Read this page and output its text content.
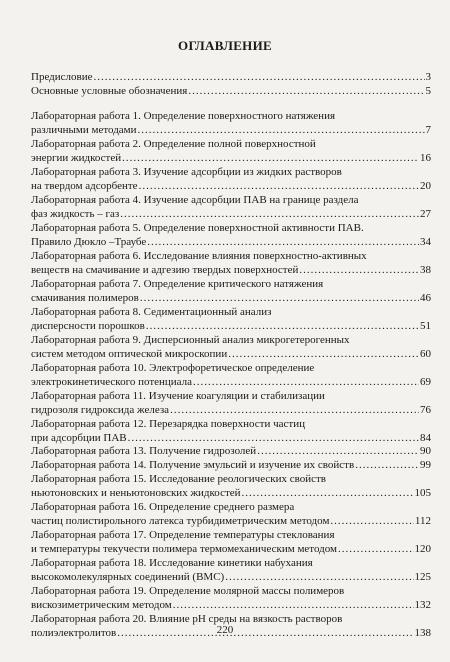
ОГЛАВЛЕНИЕ
Предисловие .....	3
Основные условные обозначения .....	5
Лабораторная работа 1. Определение поверхностного натяжения
различными методами .....	7
Лабораторная работа 2. Определение полной поверхностной
энергии жидкостей .....	16
Лабораторная работа 3. Изучение адсорбции из жидких растворов
на твердом адсорбенте .....	20
Лабораторная работа 4. Изучение адсорбции ПАВ на границе раздела
фаз жидкость – газ .....	27
Лабораторная работа 5. Определение поверхностной активности ПАВ.
Правило Дюкло –Траубе .....	34
Лабораторная работа 6. Исследование влияния поверхностно-активных
веществ на смачивание и адгезию твердых поверхностей .....	38
Лабораторная работа 7. Определение критического натяжения
смачивания полимеров .....	46
Лабораторная работа 8. Седиментационный анализ
дисперсности порошков .....	51
Лабораторная работа 9. Дисперсионный анализ микрогетерогенных
систем методом оптической микроскопии .....	60
Лабораторная работа 10. Электрофоретическое определение
электрокинетического потенциала .....	69
Лабораторная работа 11. Изучение коагуляции и стабилизации
гидрозоля гидроксида железа .....	76
Лабораторная работа 12. Перезарядка поверхности частиц
при адсорбции ПАВ .....	84
Лабораторная работа 13. Получение гидрозолей .....	90
Лабораторная работа 14. Получение эмульсий и изучение их свойств .....	99
Лабораторная работа 15. Исследование реологических свойств
ньютоновских и неньютоновских жидкостей .....	105
Лабораторная работа 16. Определение среднего размера
частиц полистирольного латекса турбидиметрическим методом .....	112
Лабораторная работа 17. Определение температуры стеклования
и температуры текучести полимера термомеханическим методом .....	120
Лабораторная работа 18. Исследование кинетики набухания
высокомолекулярных соединений (ВМС) .....	125
Лабораторная работа 19. Определение молярной массы полимеров
вискозиметрическим методом .....	132
Лабораторная работа 20. Влияние pH среды на вязкость растворов
полиэлектролитов .....	138
220
